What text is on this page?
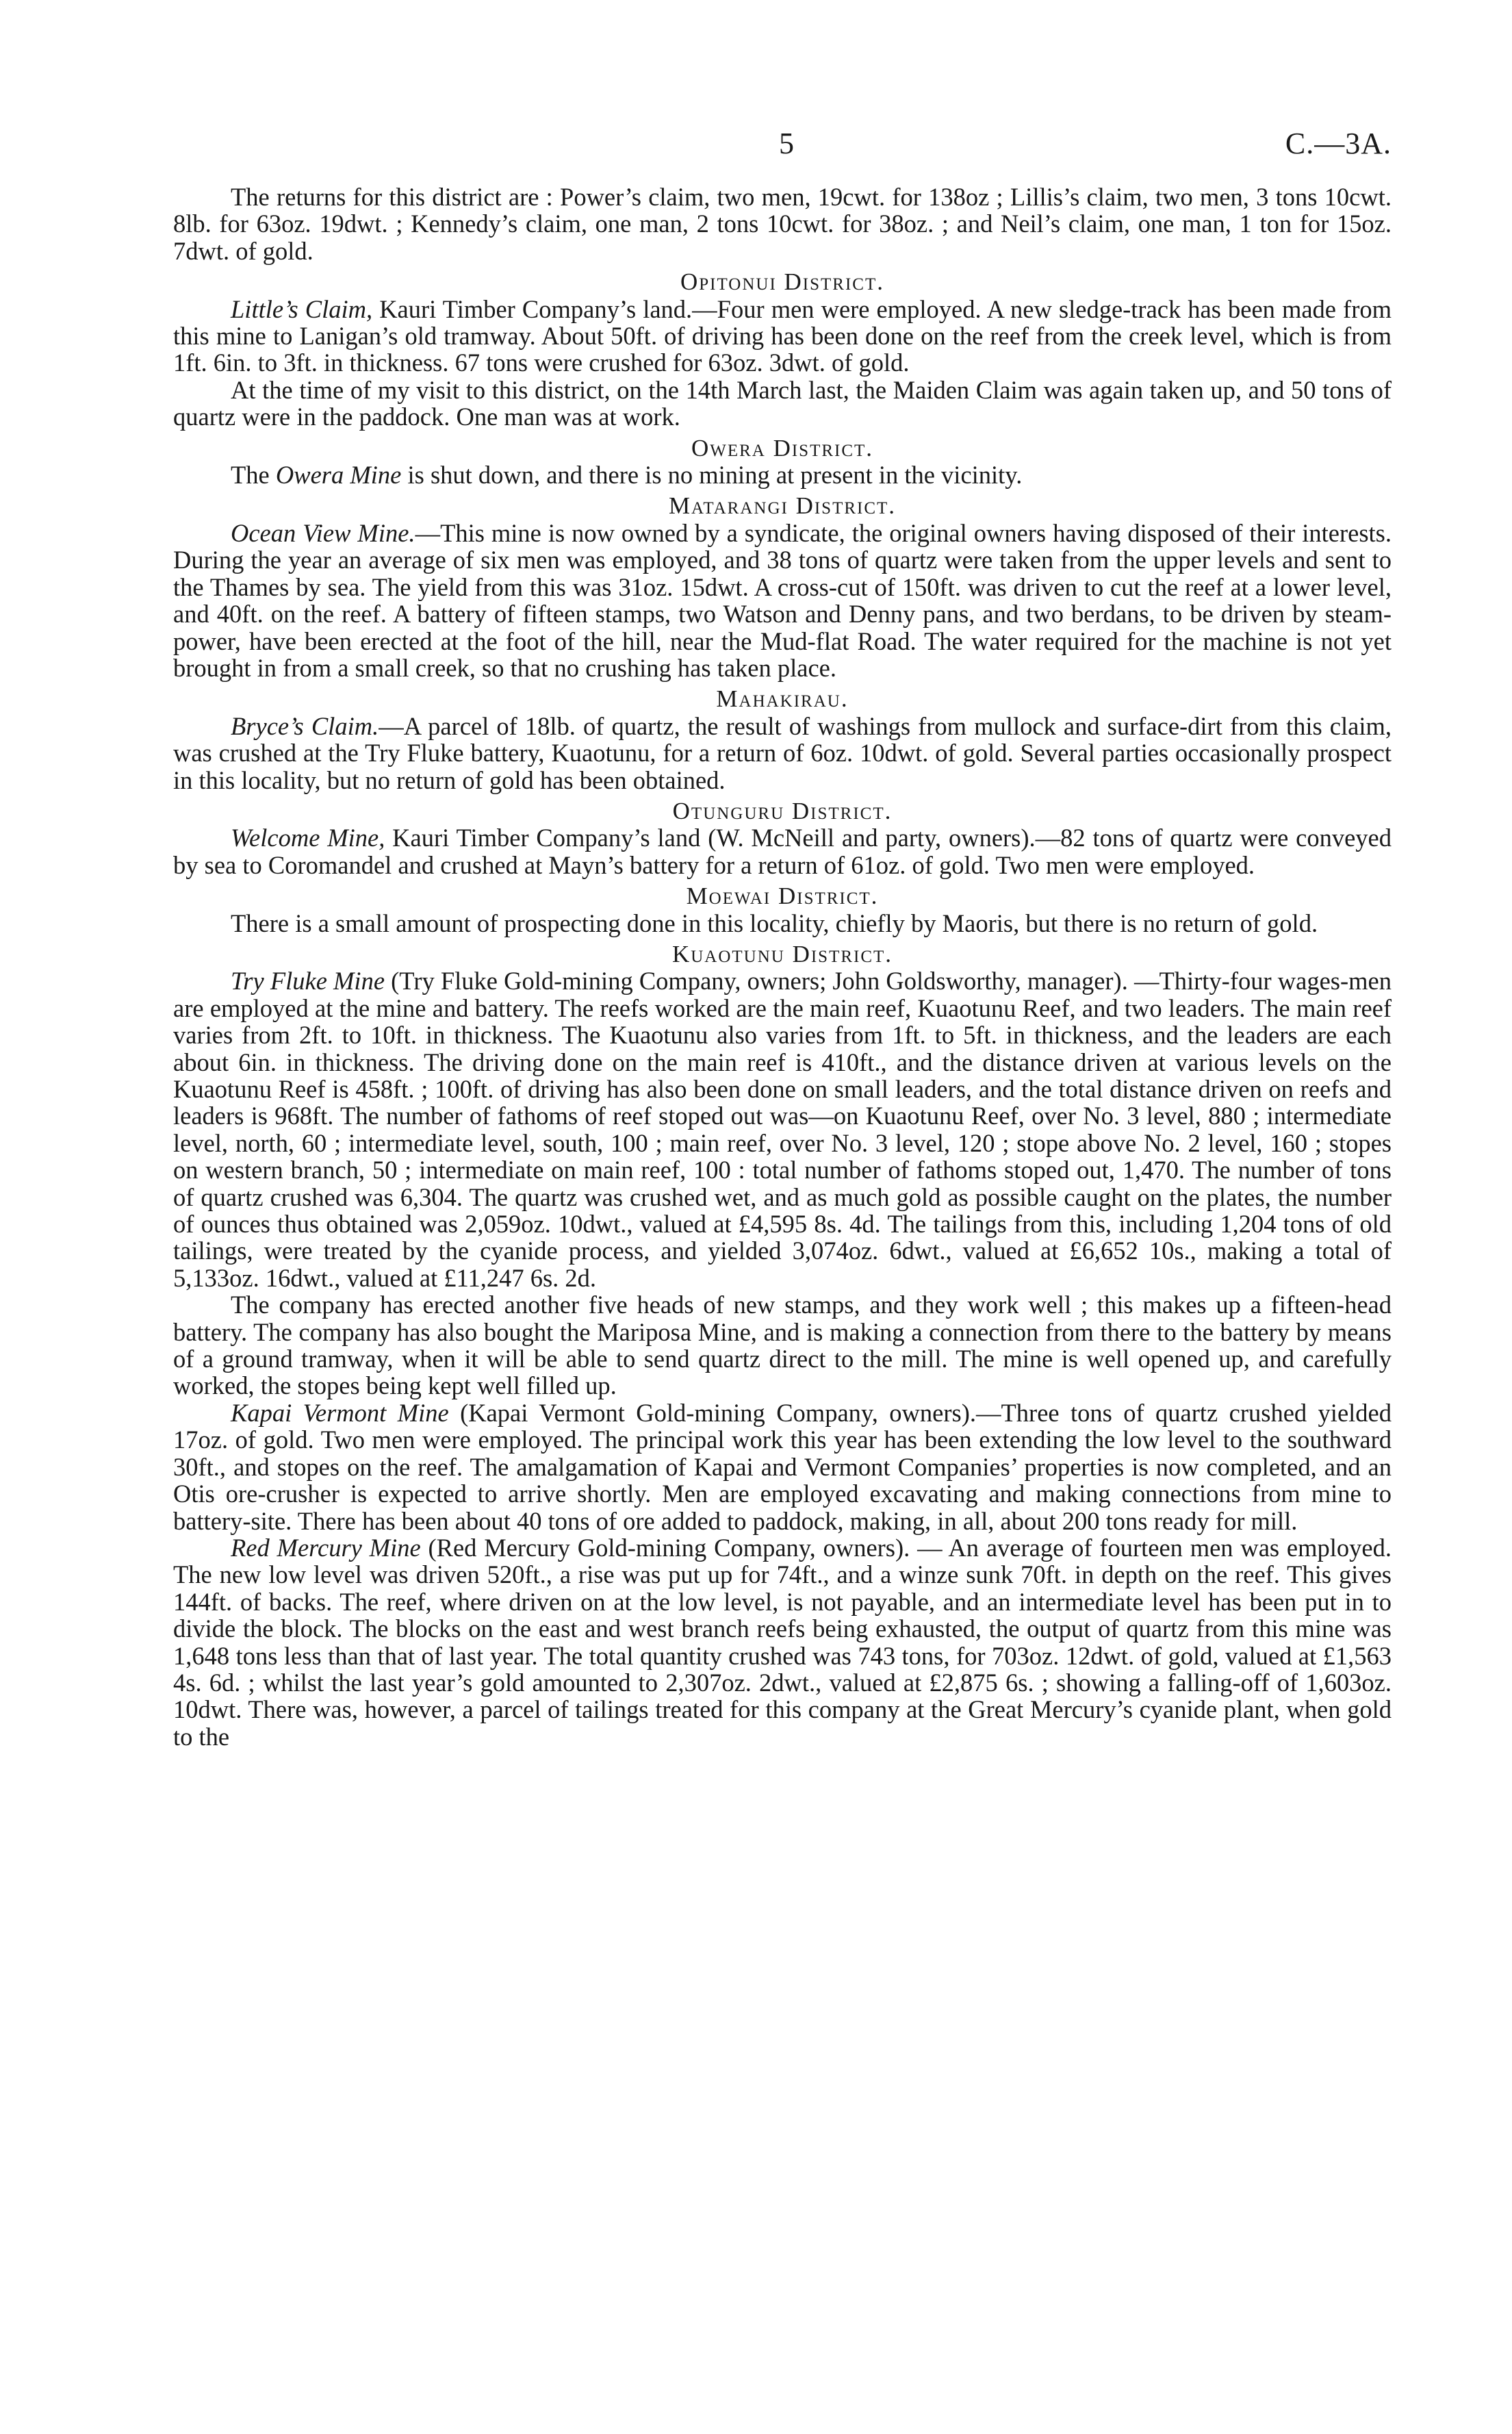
5	C.—3A.

The returns for this district are : Power’s claim, two men, 19cwt. for 138oz ; Lillis’s claim, two men, 3 tons 10cwt. 8lb. for 63oz. 19dwt. ; Kennedy’s claim, one man, 2 tons 10cwt. for 38oz. ; and Neil’s claim, one man, 1 ton for 15oz. 7dwt. of gold.

Opitonui District.

Little’s Claim, Kauri Timber Company’s land.—Four men were employed. A new sledge-track has been made from this mine to Lanigan’s old tramway. About 50ft. of driving has been done on the reef from the creek level, which is from 1ft. 6in. to 3ft. in thickness. 67 tons were crushed for 63oz. 3dwt. of gold.

At the time of my visit to this district, on the 14th March last, the Maiden Claim was again taken up, and 50 tons of quartz were in the paddock. One man was at work.

Owera District.

The Owera Mine is shut down, and there is no mining at present in the vicinity.

Matarangi District.

Ocean View Mine.—This mine is now owned by a syndicate, the original owners having disposed of their interests. During the year an average of six men was employed, and 38 tons of quartz were taken from the upper levels and sent to the Thames by sea. The yield from this was 31oz. 15dwt. A cross-cut of 150ft. was driven to cut the reef at a lower level, and 40ft. on the reef. A battery of fifteen stamps, two Watson and Denny pans, and two berdans, to be driven by steam-power, have been erected at the foot of the hill, near the Mud-flat Road. The water required for the machine is not yet brought in from a small creek, so that no crushing has taken place.

Mahakirau.

Bryce’s Claim.—A parcel of 18lb. of quartz, the result of washings from mullock and surface-dirt from this claim, was crushed at the Try Fluke battery, Kuaotunu, for a return of 6oz. 10dwt. of gold. Several parties occasionally prospect in this locality, but no return of gold has been obtained.

Otunguru District.

Welcome Mine, Kauri Timber Company’s land (W. McNeill and party, owners).—82 tons of quartz were conveyed by sea to Coromandel and crushed at Mayn’s battery for a return of 61oz. of gold. Two men were employed.

Moewai District.

There is a small amount of prospecting done in this locality, chiefly by Maoris, but there is no return of gold.

Kuaotunu District.

Try Fluke Mine (Try Fluke Gold-mining Company, owners; John Goldsworthy, manager). —Thirty-four wages-men are employed at the mine and battery. The reefs worked are the main reef, Kuaotunu Reef, and two leaders. The main reef varies from 2ft. to 10ft. in thickness. The Kuaotunu also varies from 1ft. to 5ft. in thickness, and the leaders are each about 6in. in thickness. The driving done on the main reef is 410ft., and the distance driven at various levels on the Kuaotunu Reef is 458ft. ; 100ft. of driving has also been done on small leaders, and the total distance driven on reefs and leaders is 968ft. The number of fathoms of reef stoped out was—on Kuaotunu Reef, over No. 3 level, 880 ; intermediate level, north, 60 ; intermediate level, south, 100 ; main reef, over No. 3 level, 120 ; stope above No. 2 level, 160 ; stopes on western branch, 50 ; intermediate on main reef, 100 : total number of fathoms stoped out, 1,470. The number of tons of quartz crushed was 6,304. The quartz was crushed wet, and as much gold as possible caught on the plates, the number of ounces thus obtained was 2,059oz. 10dwt., valued at £4,595 8s. 4d. The tailings from this, including 1,204 tons of old tailings, were treated by the cyanide process, and yielded 3,074oz. 6dwt., valued at £6,652 10s., making a total of 5,133oz. 16dwt., valued at £11,247 6s. 2d.

The company has erected another five heads of new stamps, and they work well ; this makes up a fifteen-head battery. The company has also bought the Mariposa Mine, and is making a connection from there to the battery by means of a ground tramway, when it will be able to send quartz direct to the mill. The mine is well opened up, and carefully worked, the stopes being kept well filled up.

Kapai Vermont Mine (Kapai Vermont Gold-mining Company, owners).—Three tons of quartz crushed yielded 17oz. of gold. Two men were employed. The principal work this year has been extending the low level to the southward 30ft., and stopes on the reef. The amalgamation of Kapai and Vermont Companies’ properties is now completed, and an Otis ore-crusher is expected to arrive shortly. Men are employed excavating and making connections from mine to battery-site. There has been about 40 tons of ore added to paddock, making, in all, about 200 tons ready for mill.

Red Mercury Mine (Red Mercury Gold-mining Company, owners). — An average of fourteen men was employed. The new low level was driven 520ft., a rise was put up for 74ft., and a winze sunk 70ft. in depth on the reef. This gives 144ft. of backs. The reef, where driven on at the low level, is not payable, and an intermediate level has been put in to divide the block. The blocks on the east and west branch reefs being exhausted, the output of quartz from this mine was 1,648 tons less than that of last year. The total quantity crushed was 743 tons, for 703oz. 12dwt. of gold, valued at £1,563 4s. 6d. ; whilst the last year’s gold amounted to 2,307oz. 2dwt., valued at £2,875 6s. ; showing a falling-off of 1,603oz. 10dwt. There was, however, a parcel of tailings treated for this company at the Great Mercury’s cyanide plant, when gold to the
